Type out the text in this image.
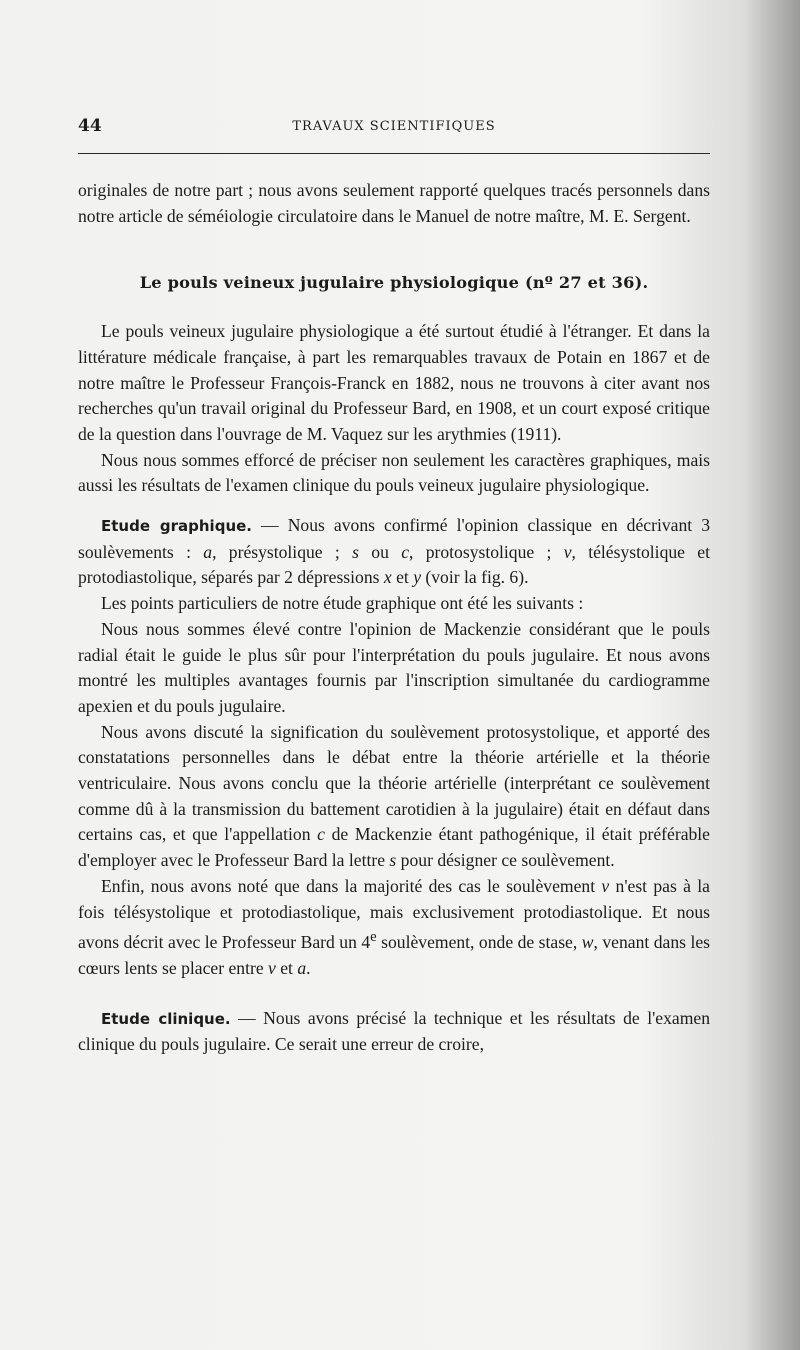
44	TRAVAUX SCIENTIFIQUES

originales de notre part ; nous avons seulement rapporté quelques tracés personnels dans notre article de séméiologie circulatoire dans le Manuel de notre maître, M. E. Sergent.

Le pouls veineux jugulaire physiologique (nº 27 et 36).

Le pouls veineux jugulaire physiologique a été surtout étudié à l'étranger. Et dans la littérature médicale française, à part les remarquables travaux de Potain en 1867 et de notre maître le Professeur François-Franck en 1882, nous ne trouvons à citer avant nos recherches qu'un travail original du Professeur Bard, en 1908, et un court exposé critique de la question dans l'ouvrage de M. Vaquez sur les arythmies (1911).

Nous nous sommes efforcé de préciser non seulement les caractères graphiques, mais aussi les résultats de l'examen clinique du pouls veineux jugulaire physiologique.

Etude graphique. — Nous avons confirmé l'opinion classique en décrivant 3 soulèvements : a, présystolique ; s ou c, protosystolique ; v, télésystolique et protodiastolique, séparés par 2 dépressions x et y (voir la fig. 6).

Les points particuliers de notre étude graphique ont été les suivants :

Nous nous sommes élevé contre l'opinion de Mackenzie considérant que le pouls radial était le guide le plus sûr pour l'interprétation du pouls jugulaire. Et nous avons montré les multiples avantages fournis par l'inscription simultanée du cardiogramme apexien et du pouls jugulaire.

Nous avons discuté la signification du soulèvement protosystolique, et apporté des constatations personnelles dans le débat entre la théorie artérielle et la théorie ventriculaire. Nous avons conclu que la théorie artérielle (interprétant ce soulèvement comme dû à la transmission du battement carotidien à la jugulaire) était en défaut dans certains cas, et que l'appellation c de Mackenzie étant pathogénique, il était préférable d'employer avec le Professeur Bard la lettre s pour désigner ce soulèvement.

Enfin, nous avons noté que dans la majorité des cas le soulèvement v n'est pas à la fois télésystolique et protodiastolique, mais exclusivement protodiastolique. Et nous avons décrit avec le Professeur Bard un 4e soulèvement, onde de stase, w, venant dans les cœurs lents se placer entre v et a.

Etude clinique. — Nous avons précisé la technique et les résultats de l'examen clinique du pouls jugulaire. Ce serait une erreur de croire,
